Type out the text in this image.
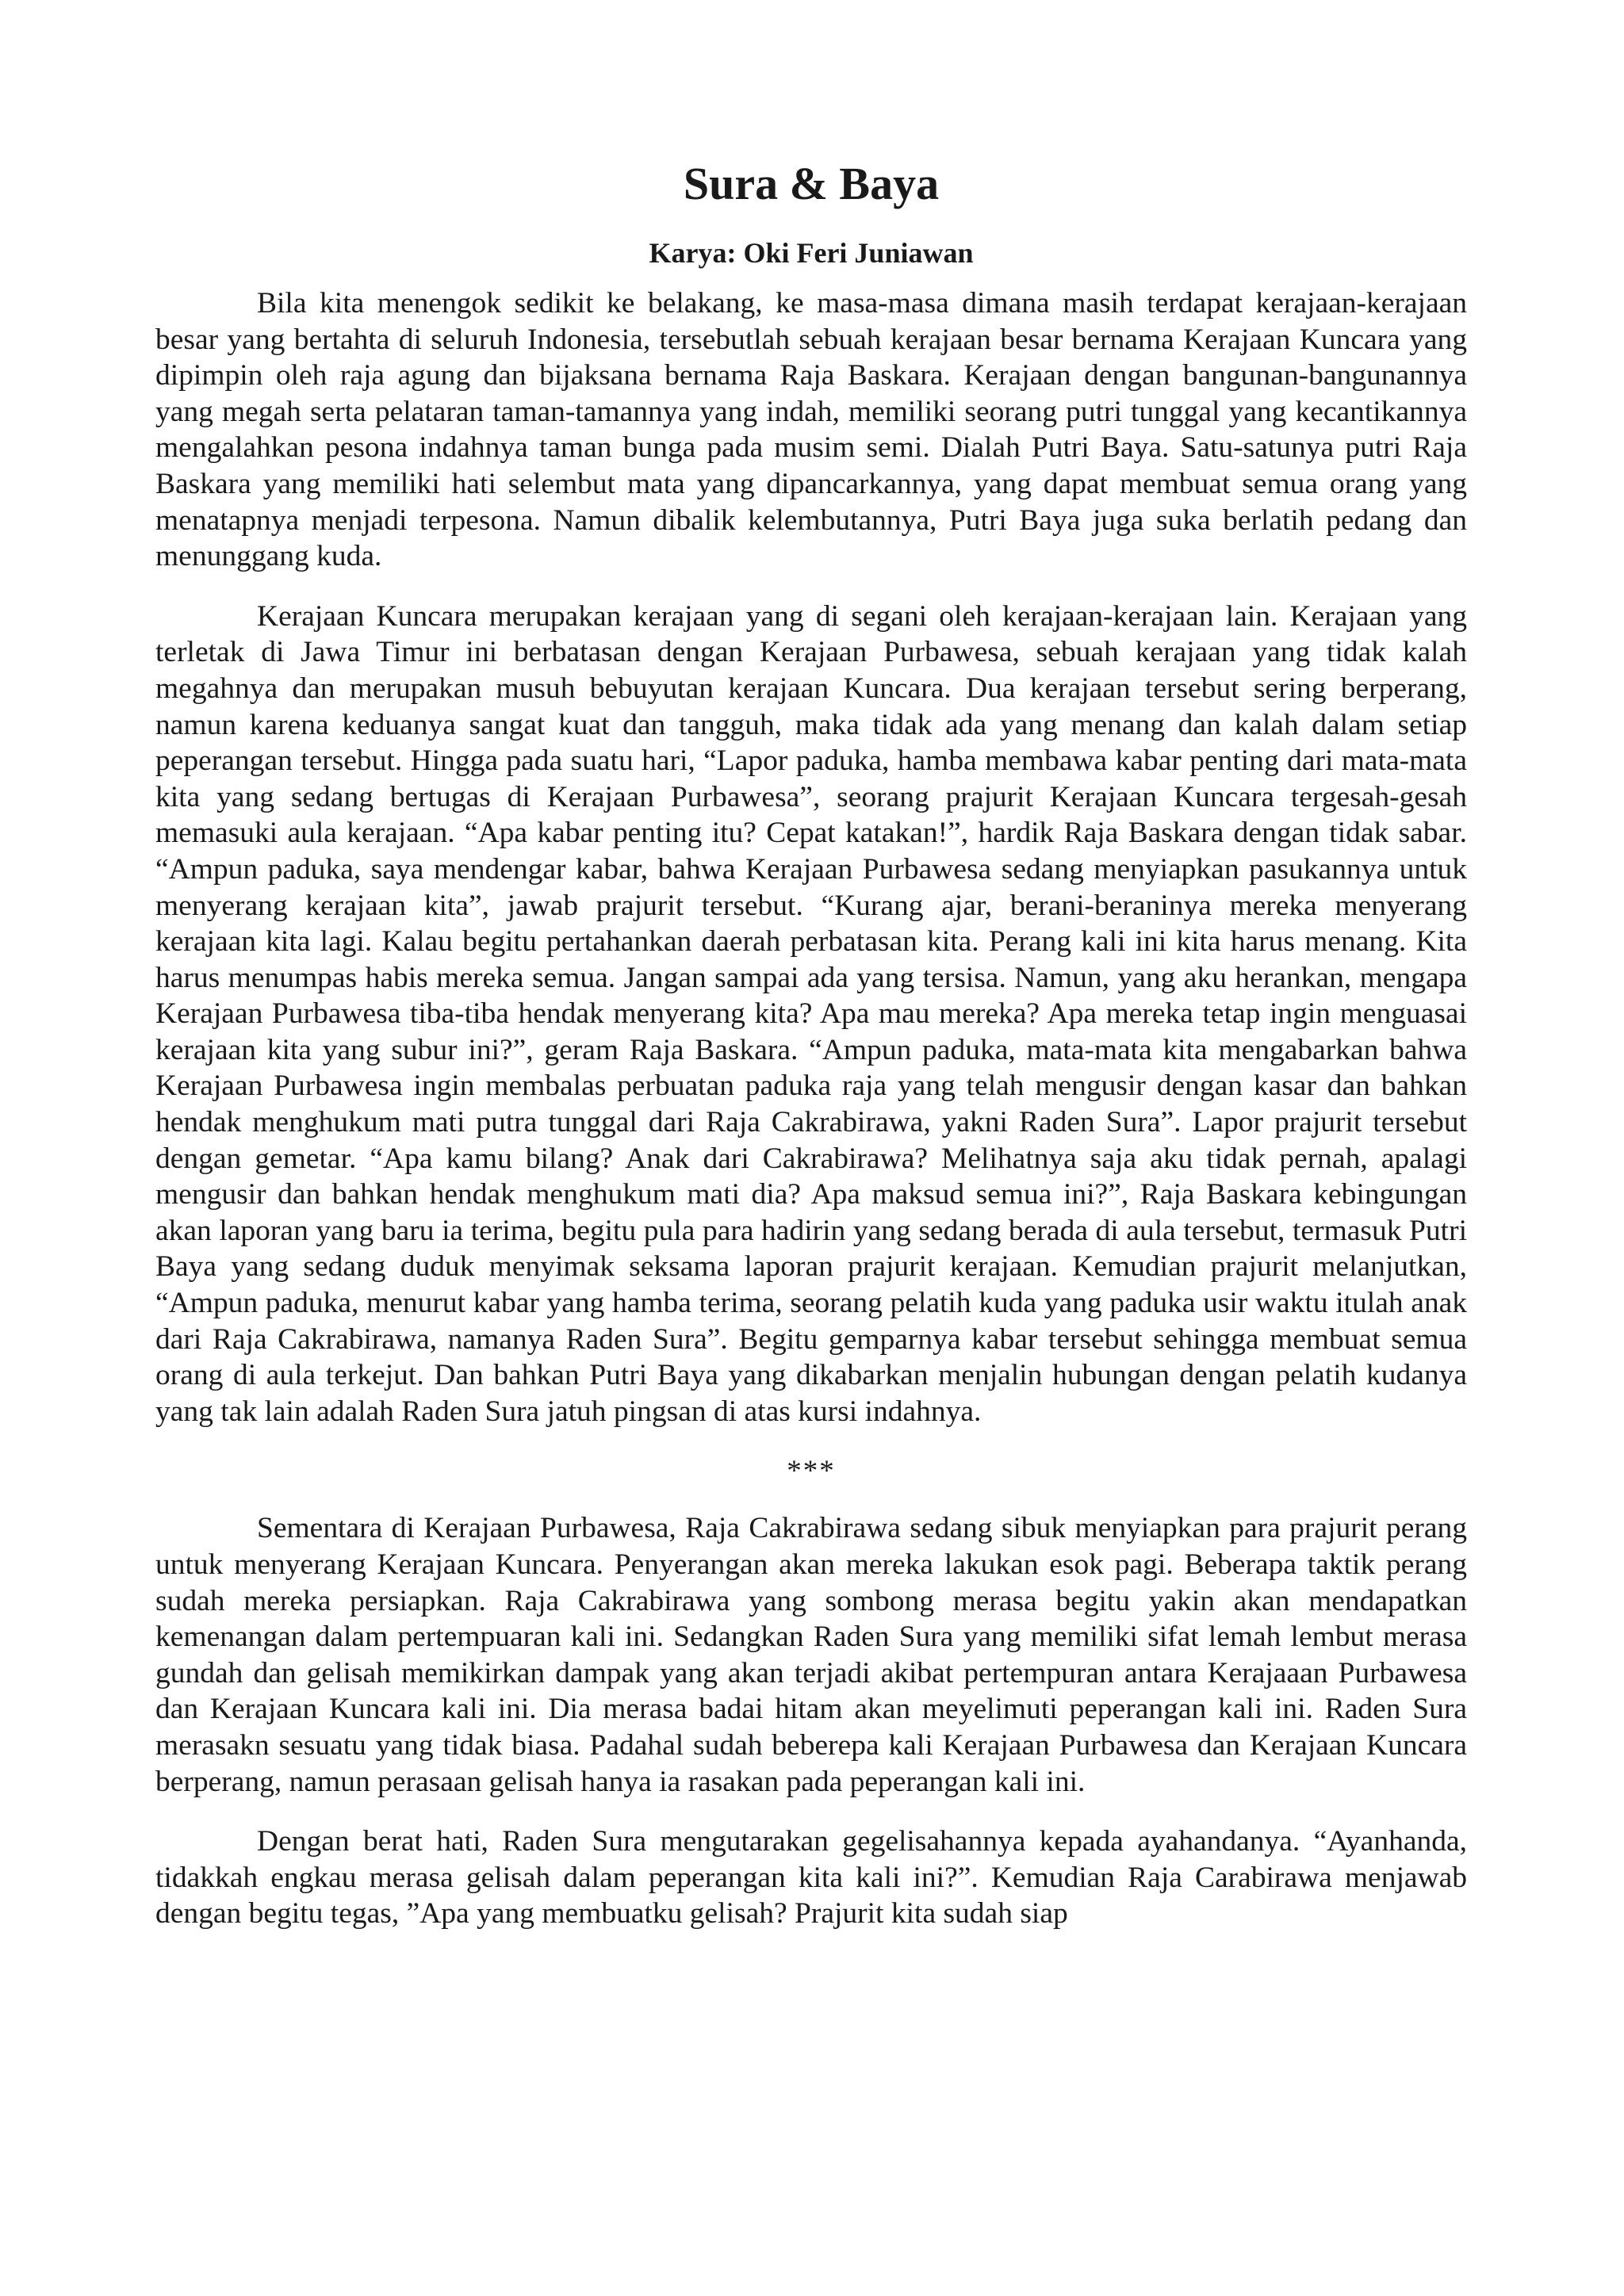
Sura & Baya
Karya: Oki Feri Juniawan

Bila kita menengok sedikit ke belakang, ke masa-masa dimana masih terdapat kerajaan-kerajaan besar yang bertahta di seluruh Indonesia, tersebutlah sebuah kerajaan besar bernama Kerajaan Kuncara yang dipimpin oleh raja agung dan bijaksana bernama Raja Baskara. Kerajaan dengan bangunan-bangunannya yang megah serta pelataran taman-tamannya yang indah, memiliki seorang putri tunggal yang kecantikannya mengalahkan pesona indahnya taman bunga pada musim semi. Dialah Putri Baya. Satu-satunya putri Raja Baskara yang memiliki hati selembut mata yang dipancarkannya, yang dapat membuat semua orang yang menatapnya menjadi terpesona. Namun dibalik kelembutannya, Putri Baya juga suka berlatih pedang dan menunggang kuda.

Kerajaan Kuncara merupakan kerajaan yang di segani oleh kerajaan-kerajaan lain. Kerajaan yang terletak di Jawa Timur ini berbatasan dengan Kerajaan Purbawesa, sebuah kerajaan yang tidak kalah megahnya dan merupakan musuh bebuyutan kerajaan Kuncara. Dua kerajaan tersebut sering berperang, namun karena keduanya sangat kuat dan tangguh, maka tidak ada yang menang dan kalah dalam setiap peperangan tersebut. Hingga pada suatu hari, “Lapor paduka, hamba membawa kabar penting dari mata-mata kita yang sedang bertugas di Kerajaan Purbawesa”, seorang prajurit Kerajaan Kuncara tergesah-gesah memasuki aula kerajaan. “Apa kabar penting itu? Cepat katakan!”, hardik Raja Baskara dengan tidak sabar. “Ampun paduka, saya mendengar kabar, bahwa Kerajaan Purbawesa sedang menyiapkan pasukannya untuk menyerang kerajaan kita”, jawab prajurit tersebut. “Kurang ajar, berani-beraninya mereka menyerang kerajaan kita lagi. Kalau begitu pertahankan daerah perbatasan kita. Perang kali ini kita harus menang. Kita harus menumpas habis mereka semua. Jangan sampai ada yang tersisa. Namun, yang aku herankan, mengapa Kerajaan Purbawesa tiba-tiba hendak menyerang kita? Apa mau mereka? Apa mereka tetap ingin menguasai kerajaan kita yang subur ini?”, geram Raja Baskara. “Ampun paduka, mata-mata kita mengabarkan bahwa Kerajaan Purbawesa ingin membalas perbuatan paduka raja yang telah mengusir dengan kasar dan bahkan hendak menghukum mati putra tunggal dari Raja Cakrabirawa, yakni Raden Sura”. Lapor prajurit tersebut dengan gemetar. “Apa kamu bilang? Anak dari Cakrabirawa? Melihatnya saja aku tidak pernah, apalagi mengusir dan bahkan hendak menghukum mati dia? Apa maksud semua ini?”, Raja Baskara kebingungan akan laporan yang baru ia terima, begitu pula para hadirin yang sedang berada di aula tersebut, termasuk Putri Baya yang sedang duduk menyimak seksama laporan prajurit kerajaan. Kemudian prajurit melanjutkan, “Ampun paduka, menurut kabar yang hamba terima, seorang pelatih kuda yang paduka usir waktu itulah anak dari Raja Cakrabirawa, namanya Raden Sura”. Begitu gemparnya kabar tersebut sehingga membuat semua orang di aula terkejut. Dan bahkan Putri Baya yang dikabarkan menjalin hubungan dengan pelatih kudanya yang tak lain adalah Raden Sura jatuh pingsan di atas kursi indahnya.

***

Sementara di Kerajaan Purbawesa, Raja Cakrabirawa sedang sibuk menyiapkan para prajurit perang untuk menyerang Kerajaan Kuncara. Penyerangan akan mereka lakukan esok pagi. Beberapa taktik perang sudah mereka persiapkan. Raja Cakrabirawa yang sombong merasa begitu yakin akan mendapatkan kemenangan dalam pertempuaran kali ini. Sedangkan Raden Sura yang memiliki sifat lemah lembut merasa gundah dan gelisah memikirkan dampak yang akan terjadi akibat pertempuran antara Kerajaaan Purbawesa dan Kerajaan Kuncara kali ini. Dia merasa badai hitam akan meyelimuti peperangan kali ini. Raden Sura merasakn sesuatu yang tidak biasa. Padahal sudah beberepa kali Kerajaan Purbawesa dan Kerajaan Kuncara berperang, namun perasaan gelisah hanya ia rasakan pada peperangan kali ini.

Dengan berat hati, Raden Sura mengutarakan gegelisahannya kepada ayahandanya. “Ayanhanda, tidakkah engkau merasa gelisah dalam peperangan kita kali ini?”. Kemudian Raja Carabirawa menjawab dengan begitu tegas, ”Apa yang membuatku gelisah? Prajurit kita sudah siap
